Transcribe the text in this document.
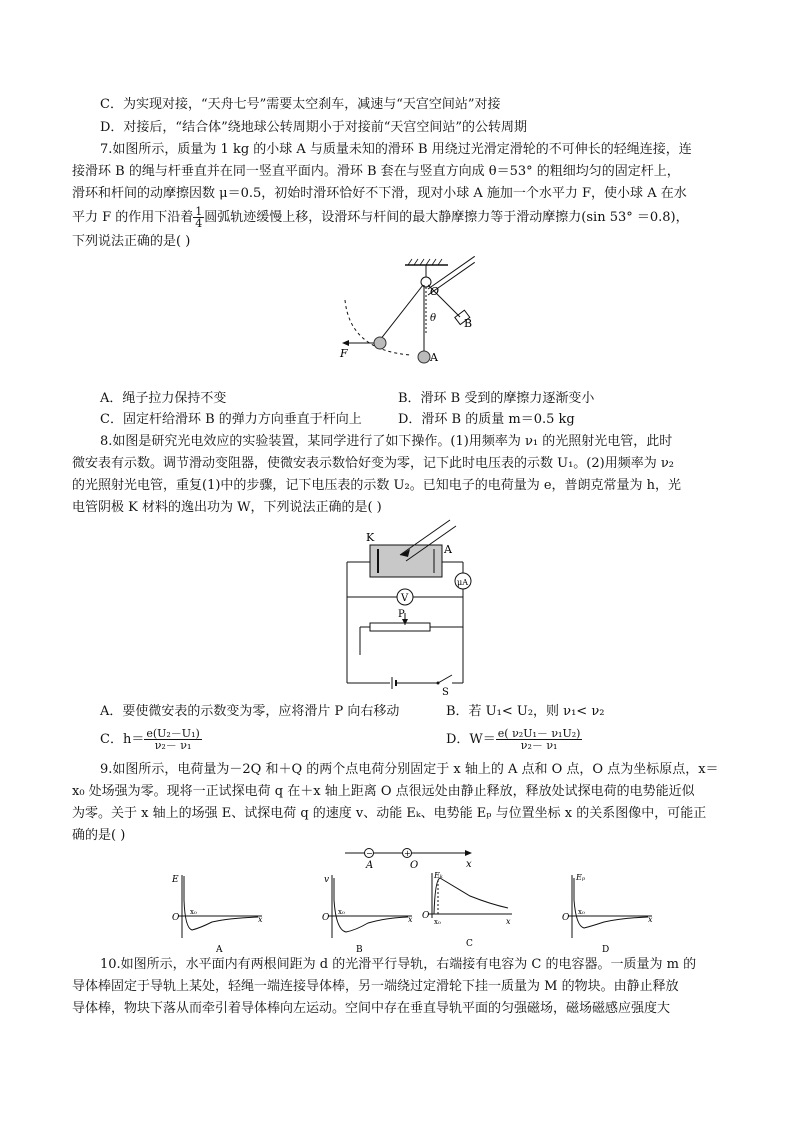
C．为实现对接，“天舟七号”需要太空刹车，减速与“天宫空间站”对接
D．对接后，“结合体”绕地球公转周期小于对接前“天宫空间站”的公转周期
7.如图所示，质量为 1 kg 的小球 A 与质量未知的滑环 B 用绕过光滑定滑轮的不可伸长的轻绳连接，连
接滑环 B 的绳与杆垂直并在同一竖直平面内。滑环 B 套在与竖直方向成 θ＝53° 的粗细均匀的固定杆上，
滑环和杆间的动摩擦因数 μ＝0.5，初始时滑环恰好不下滑，现对小球 A 施加一个水平力 F，使小球 A 在水
平力 F 的作用下沿着 $\frac{1}{4}$ 圆弧轨迹缓慢上移，设滑环与杆间的最大静摩擦力等于滑动摩擦力(sin 53° ＝0.8)，
下列说法正确的是( )
O
θ	B
A
F
A．绳子拉力保持不变	B．滑环 B 受到的摩擦力逐渐变小
C．固定杆给滑环 B 的弹力方向垂直于杆向上	D．滑环 B 的质量 m＝0.5 kg
8.如图是研究光电效应的实验装置，某同学进行了如下操作。(1)用频率为 ν₁ 的光照射光电管，此时
微安表有示数。调节滑动变阻器，使微安表示数恰好变为零，记下此时电压表的示数 U₁。(2)用频率为 ν₂
的光照射光电管，重复(1)中的步骤，记下电压表的示数 U₂。已知电子的电荷量为 e，普朗克常量为 h，光
电管阴极 K 材料的逸出功为 W，下列说法正确的是( )
K
A
μA
V
P
S
A．要使微安表的示数变为零，应将滑片 P 向右移动	B．若 U₁< U₂，则 ν₁< ν₂
C．$h= \frac{\text{e(U₂－U₁)}}{\text{ν₂－ ν₁}}$	D．$W= \frac{\text{e( ν₂U₁－ ν₁U₂)}}{\text{ν₂－ ν₁}}$
9.如图所示，电荷量为－2Q 和＋Q 的两个点电荷分别固定于 x 轴上的 A 点和 O 点，O 点为坐标原点，x＝
x₀ 处场强为零。现将一正试探电荷 q 在＋x 轴上距离 O 点很远处由静止释放，释放处试探电荷的电势能近似
为零。关于 x 轴上的场强 E、试探电荷 q 的速度 v、动能 Eₖ、电势能 Eₚ 与位置坐标 x 的关系图像中，可能正
确的是( )
−	+
A	O	x
E
O
x₀
x
A
v
O
x₀
x
B
Eₖ
O
x₀	x
C
Eₚ
O
x₀
x
D
10.如图所示，水平面内有两根间距为 d 的光滑平行导轨，右端接有电容为 C 的电容器。一质量为 m 的
导体棒固定于导轨上某处，轻绳一端连接导体棒，另一端绕过定滑轮下挂一质量为 M 的物块。由静止释放
导体棒，物块下落从而牵引着导体棒向左运动。空间中存在垂直导轨平面的匀强磁场，磁场磁感应强度大
